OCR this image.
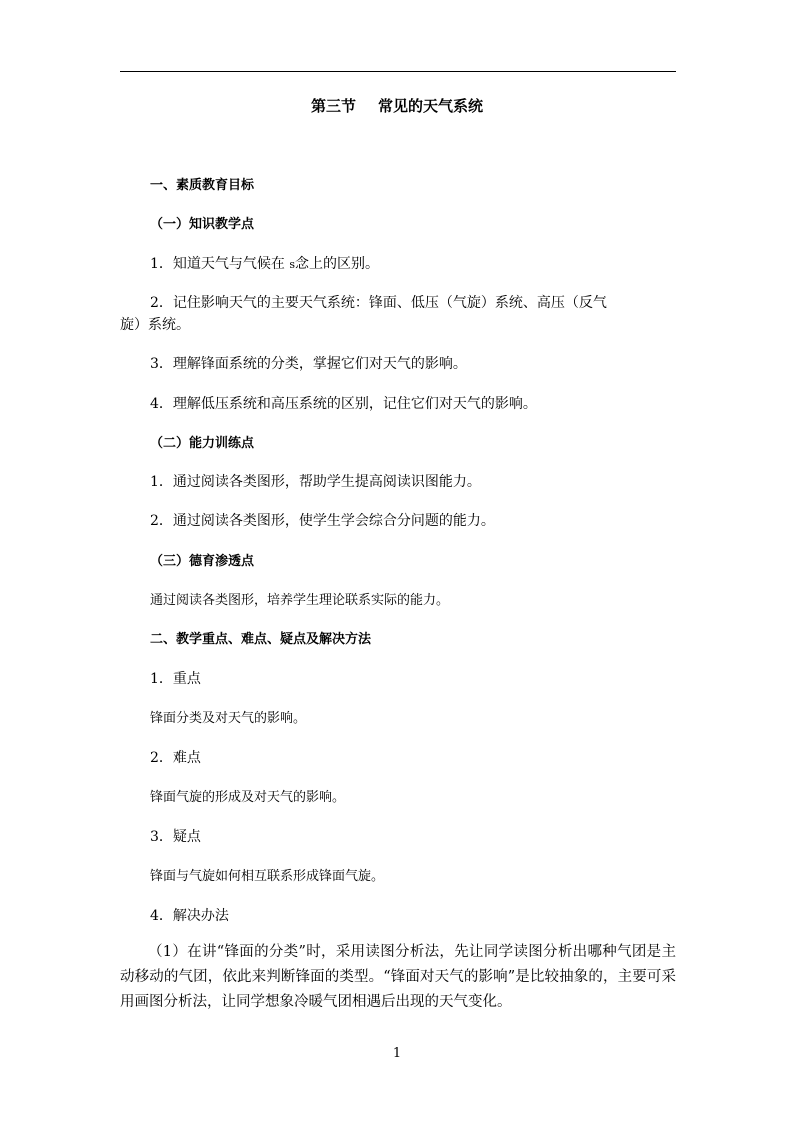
第三节 常见的天气系统
一、素质教育目标
（一）知识教学点
1．知道天气与气候在 s念上的区别。
2．记住影响天气的主要天气系统：锋面、低压（气旋）系统、高压（反气
旋）系统。
3．理解锋面系统的分类，掌握它们对天气的影响。
4．理解低压系统和高压系统的区别，记住它们对天气的影响。
（二）能力训练点
1．通过阅读各类图形，帮助学生提高阅读识图能力。
2．通过阅读各类图形，使学生学会综合分问题的能力。
（三）德育渗透点
通过阅读各类图形，培养学生理论联系实际的能力。
二、教学重点、难点、疑点及解决方法
1．重点
锋面分类及对天气的影响。
2．难点
锋面气旋的形成及对天气的影响。
3．疑点
锋面与气旋如何相互联系形成锋面气旋。
4．解决办法
（1）在讲“锋面的分类”时，采用读图分析法，先让同学读图分析出哪种气团是主动移动的气团，依此来判断锋面的类型。“锋面对天气的影响”是比较抽象的，主要可采用画图分析法，让同学想象冷暖气团相遇后出现的天气变化。
1
